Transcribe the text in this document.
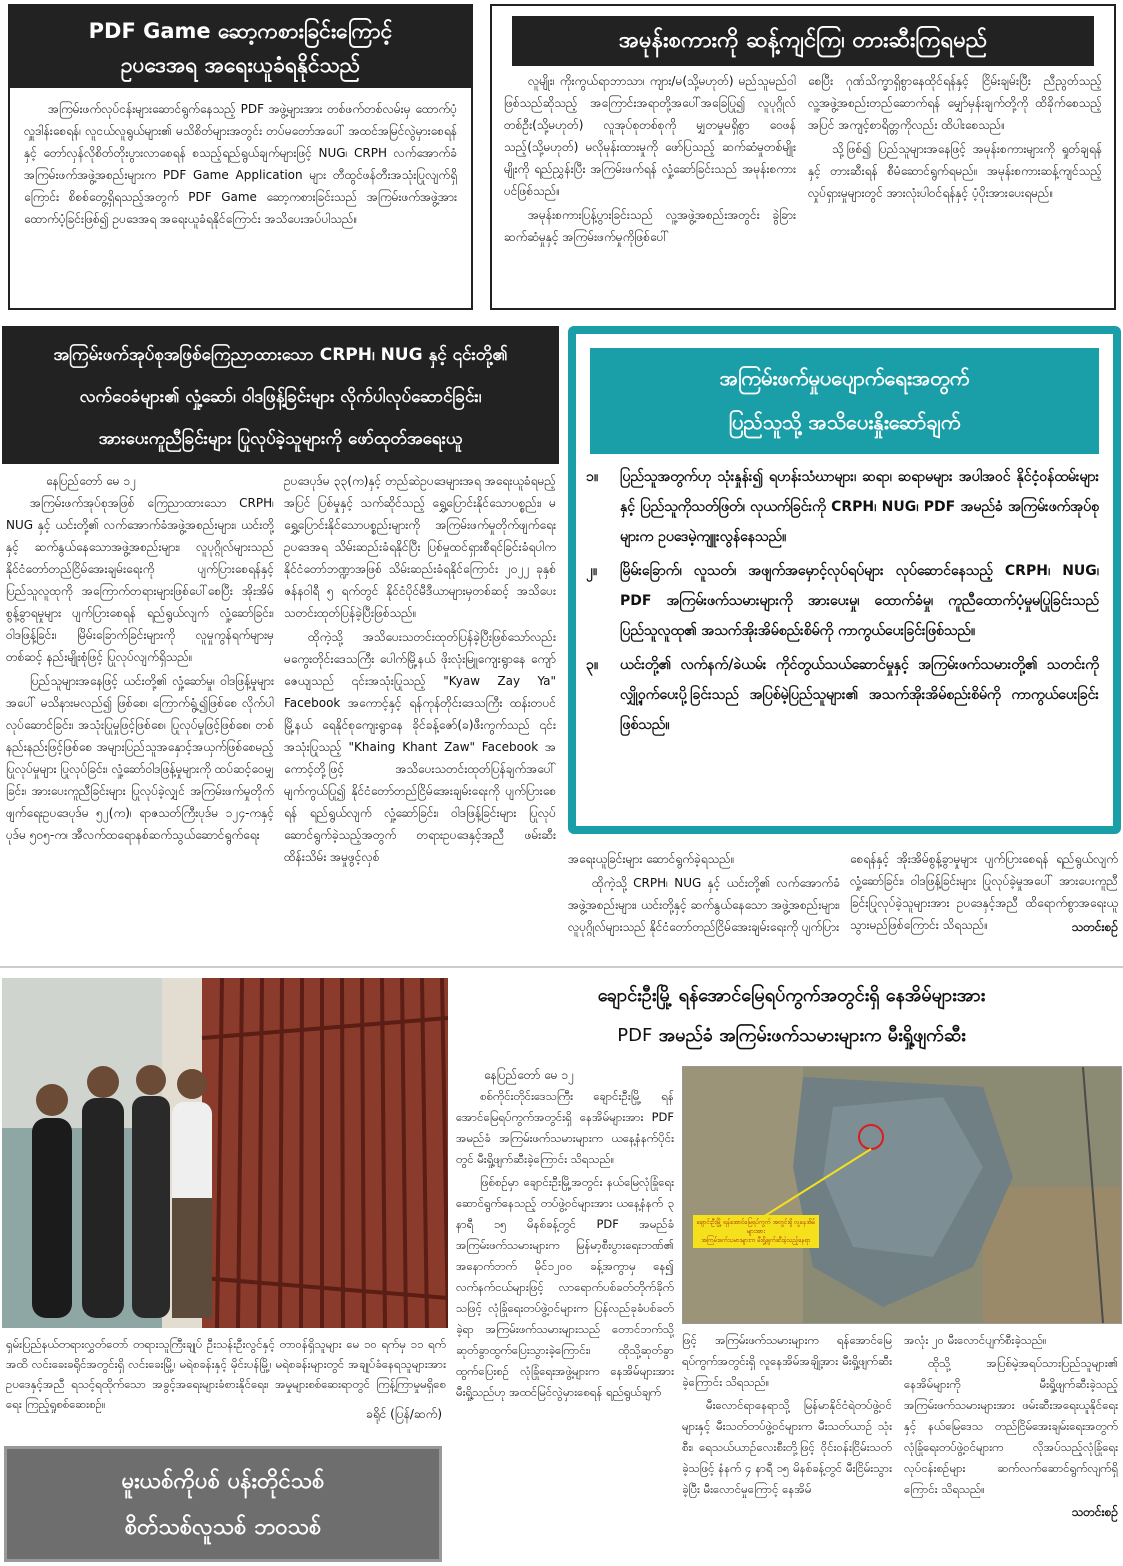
PDF Game ဆော့ကစားခြင်းကြောင့်
ဥပဒေအရ အရေးယူခံရနိုင်သည်

အကြမ်းဖက်လုပ်ငန်းများဆောင်ရွက်နေသည့် PDF အဖွဲ့များအား တစ်ဖက်တစ်လမ်းမှ ထောက်ပံ့လှူဒါန်းစေရန်၊ လူငယ်လူရွယ်များ၏ မသိစိတ်များအတွင်း တပ်မတော်အပေါ် အထင်အမြင်လွဲမှားစေရန်နှင့် တော်လှန်လိုစိတ်တိုးပွားလာစေရန် စသည့်ရည်ရွယ်ချက်များဖြင့် NUG၊ CRPH လက်အောက်ခံ အကြမ်းဖက်အဖွဲ့အစည်းများက PDF Game Application များ တီထွင်ဖန်တီးအသုံးပြုလျက်ရှိကြောင်း စိစစ်တွေ့ရှိရသည့်အတွက် PDF Game ဆော့ကစားခြင်းသည် အကြမ်းဖက်အဖွဲ့အား ထောက်ပံ့ခြင်းဖြစ်၍ ဥပဒေအရ အရေးယူခံရနိုင်ကြောင်း အသိပေးအပ်ပါသည်။

အမုန်းစကားကို ဆန့်ကျင်ကြ၊ တားဆီးကြရမည်

လူမျိုး၊ ကိုးကွယ်ရာဘာသာ၊ ကျား/မ(သို့မဟုတ်) မည်သူမည်ဝါဖြစ်သည်ဆိုသည့် အကြောင်းအရာတို့အပေါ်အခြေပြု၍ လူပုဂ္ဂိုလ်တစ်ဦး(သို့မဟုတ်) လူအုပ်စုတစ်စုကို မျှတမှုမရှိစွာ ဝေဖန်သည့်(သို့မဟုတ်) မလိုမုန်းထားမှုကို ဖော်ပြသည့် ဆက်ဆံမှုတစ်မျိုးမျိုးကို ရည်ညွှန်းပြီး အကြမ်းဖက်ရန် လှုံ့ဆော်ခြင်းသည် အမုန်းစကားပင်ဖြစ်သည်။

အမုန်းစကားပြန့်ပွားခြင်းသည် လူ့အဖွဲ့အစည်းအတွင်း ခွဲခြားဆက်ဆံမှုနှင့် အကြမ်းဖက်မှုကိုဖြစ်ပေါ်

စေပြီး ဂုဏ်သိက္ခာရှိစွာနေထိုင်ရန်နှင့် ငြိမ်းချမ်းပြီး ညီညွတ်သည့် လူ့အဖွဲ့အစည်းတည်ဆောက်ရန် မျှော်မှန်းချက်တို့ကို ထိခိုက်စေသည့်အပြင် အကျင့်စာရိတ္တကိုလည်း ထိပါးစေသည်။

သို့ဖြစ်၍ ပြည်သူများအနေဖြင့် အမုန်းစကားများကို ရှုတ်ချရန်နှင့် တားဆီးရန် စီမံဆောင်ရွက်ရမည်။ အမုန်းစကားဆန့်ကျင်သည့် လှုပ်ရှားမှုများတွင် အားလုံးပါဝင်ရန်နှင့် ပံ့ပိုးအားပေးရမည်။

အကြမ်းဖက်အုပ်စုအဖြစ်ကြေညာထားသော CRPH၊ NUG နှင့် ၎င်းတို့၏
လက်ဝေခံများ၏ လှုံ့ဆော်၊ ဝါဒဖြန့်ခြင်းများ လိုက်ပါလုပ်ဆောင်ခြင်း၊
အားပေးကူညီခြင်းများ ပြုလုပ်ခဲ့သူများကို ဖော်ထုတ်အရေးယူ
နေပြည်တော် မေ ၁၂

အကြမ်းဖက်အုပ်စုအဖြစ် ကြေညာထားသော CRPH၊ NUG နှင့် ယင်းတို့၏ လက်အောက်ခံအဖွဲ့အစည်းများ၊ ယင်းတို့နှင့် ဆက်နွယ်နေသောအဖွဲ့အစည်းများ၊ လူပုဂ္ဂိုလ်များသည် နိုင်ငံတော်တည်ငြိမ်အေးချမ်းရေးကို ပျက်ပြားစေရန်နှင့် ပြည်သူလူထုကို အကြောက်တရားများဖြစ်ပေါ်စေပြီး အိုးအိမ်စွန့်ခွာရမှုများ ပျက်ပြားစေရန် ရည်ရွယ်လျက် လှုံ့ဆော်ခြင်း၊ ဝါဒဖြန့်ခြင်း၊ မြိမ်းခြောက်ခြင်းများကို လူမှုကွန်ရက်များမှတစ်ဆင့် နည်းမျိုးစုံဖြင့် ပြုလုပ်လျက်ရှိသည်။

ပြည်သူများအနေဖြင့် ယင်းတို့၏ လှုံ့ဆော်မှု၊ ဝါဒဖြန့်မှုများအပေါ် မသိနားမလည်၍ ဖြစ်စေ၊ ကြောက်ရွံ့၍ဖြစ်စေ လိုက်ပါလုပ်ဆောင်ခြင်း၊ အသုံးပြုမှုဖြင့်ဖြစ်စေ၊ ပြုလုပ်မှုဖြင့်ဖြစ်စေ၊ တစ်နည်းနည်းဖြင့်ဖြစ်စေ အများပြည်သူအနှောင့်အယှက်ဖြစ်စေမည့် ပြုလုပ်မှုများ ပြုလုပ်ခြင်း၊ လှုံ့ဆော်ဝါဒဖြန့်မှုများကို ထပ်ဆင့်ဝေမျှခြင်း၊ အားပေးကူညီခြင်းများ ပြုလုပ်ခဲ့လျှင် အကြမ်းဖက်မှုတိုက်ဖျက်ရေးဥပဒေပုဒ်မ ၅၂(က)၊ ရာဇသတ်ကြီးပုဒ်မ ၁၂၄-ကနှင့် ပုဒ်မ ၅၀၅-က၊ အီလက်ထရောနစ်ဆက်သွယ်ဆောင်ရွက်ရေး

ဥပဒေပုဒ်မ ၃၃(က)နှင့် တည်ဆဲဥပဒေများအရ အရေးယူခံရမည့်အပြင် ပြစ်မှုနှင့် သက်ဆိုင်သည့် ရွှေ့ပြောင်းနိုင်သောပစ္စည်း၊ မရွှေ့ပြောင်းနိုင်သောပစ္စည်းများကို အကြမ်းဖက်မှုတိုက်ဖျက်ရေးဥပဒေအရ သိမ်းဆည်းခံရနိုင်ပြီး ပြစ်မှုထင်ရှားစီရင်ခြင်းခံရပါက နိုင်ငံတော်ဘဏ္ဍာအဖြစ် သိမ်းဆည်းခံရနိုင်ကြောင်း ၂၀၂၂ ခုနှစ် ဇန်နဝါရီ ၅ ရက်တွင် နိုင်ငံပိုင်မီဒီယာများမှတစ်ဆင့် အသိပေးသတင်းထုတ်ပြန်ခဲ့ပြီးဖြစ်သည်။

ထိုကဲ့သို့ အသိပေးသတင်းထုတ်ပြန်ခဲ့ပြီးဖြစ်သော်လည်း မကွေးတိုင်းဒေသကြီး ပေါက်မြို့နယ် ဖိုးလုံးမြူကျေးရွာနေ ကျော်ဇေယျသည် ၎င်းအသုံးပြုသည့် "Kyaw Zay Ya" Facebook အကောင့်နှင့် ရန်ကုန်တိုင်းဒေသကြီး ထန်းတပင်မြို့နယ် ရေနိုင်စုကျေးရွာနေ ခိုင်ခန့်ဇော်(ခ)ဖီးကွက်သည် ၎င်းအသုံးပြုသည့် "Khaing Khant Zaw" Facebook အကောင့်တို့ဖြင့် အသိပေးသတင်းထုတ်ပြန်ချက်အပေါ် မျက်ကွယ်ပြု၍ နိုင်ငံတော်တည်ငြိမ်အေးချမ်းရေးကို ပျက်ပြားစေရန် ရည်ရွယ်လျက် လှုံ့ဆော်ခြင်း၊ ဝါဒဖြန့်ခြင်းများ ပြုလုပ်ဆောင်ရွက်ခဲ့သည့်အတွက် တရားဥပဒေနှင့်အညီ ဖမ်းဆီးထိန်းသိမ်း အမှုဖွင့်လှစ်	အရေးယူခြင်းများ ဆောင်ရွက်ခဲ့ရသည်။

ထိုကဲ့သို့ CRPH၊ NUG နှင့် ယင်းတို့၏ လက်အောက်ခံအဖွဲ့အစည်းများ၊ ယင်းတို့နှင့် ဆက်နွယ်နေသော အဖွဲ့အစည်းများ၊ လူပုဂ္ဂိုလ်များသည် နိုင်ငံတော်တည်ငြိမ်အေးချမ်းရေးကို ပျက်ပြား

စေရန်နှင့် အိုးအိမ်စွန့်ခွာမှုများ ပျက်ပြားစေရန် ရည်ရွယ်လျက် လှုံ့ဆော်ခြင်း၊ ဝါဒဖြန့်ခြင်းများ ပြုလုပ်ခဲ့မှုအပေါ် အားပေးကူညီခြင်းပြုလုပ်ခဲ့သူများအား ဥပဒေနှင့်အညီ ထိရောက်စွာအရေးယူသွားမည်ဖြစ်ကြောင်း သိရသည်။	သတင်းစဉ်
အကြမ်းဖက်မှုပပျောက်ရေးအတွက်
ပြည်သူသို့ အသိပေးနှိုးဆော်ချက်
၁။	ပြည်သူအတွက်ဟု သုံးနှုန်း၍ ရဟန်းသံဃာများ၊ ဆရာ၊ ဆရာမများ အပါအဝင် နိုင်ငံ့ဝန်ထမ်းများနှင့် ပြည်သူကိုသတ်ဖြတ်၊ လုယက်ခြင်းကို CRPH၊ NUG၊ PDF အမည်ခံ အကြမ်းဖက်အုပ်စုများက ဥပဒေမဲ့ကျူးလွန်နေသည်။
၂။	မြိမ်းခြောက်၊ လူသတ်၊ အဖျက်အမှောင့်လုပ်ရပ်များ လုပ်ဆောင်နေသည့် CRPH၊ NUG၊ PDF အကြမ်းဖက်သမားများကို အားပေးမှု၊ ထောက်ခံမှု၊ ကူညီထောက်ပံ့မှုမပြုခြင်းသည် ပြည်သူလူထု၏ အသက်အိုးအိမ်စည်းစိမ်ကို ကာကွယ်ပေးခြင်းဖြစ်သည်။
၃။	ယင်းတို့၏ လက်နက်/ခဲယမ်း ကိုင်တွယ်သယ်ဆောင်မှုနှင့် အကြမ်းဖက်သမားတို့၏ သတင်းကို လျှို့ဝှက်ပေးပို့ခြင်းသည် အပြစ်မဲ့ပြည်သူများ၏ အသက်အိုးအိမ်စည်းစိမ်ကို ကာကွယ်ပေးခြင်းဖြစ်သည်။
ရှမ်းပြည်နယ်တရားလွှတ်တော် တရားသူကြီးချုပ် ဦးသန်းဦးလွင်နှင့် တာဝန်ရှိသူများ မေ ၁၀ ရက်မှ ၁၁ ရက်အထိ လင်းခေးခရိုင်အတွင်းရှိ လင်းခေးမြို့၊ မရဲစခန်းနှင့် မိုင်းပန်မြို့၊ မရဲစခန်းများတွင် အချုပ်ခံနေရသူများအား ဥပဒေနှင့်အညီ ရသင့်ရထိုက်သော အခွင့်အရေးများခံစားနိုင်ရေး၊ အမှုများစစ်ဆေးရာတွင် ကြန့်ကြာမှုမရှိစေရေး ကြည့်ရှုစစ်ဆေးစဉ်။
ခရိုင် (ပြန်/ဆက်)
မူးယစ်ကိုပစ် ပန်းတိုင်သစ်
စိတ်သစ်လူသစ် ဘဝသစ်
ချောင်းဦးမြို့ ရန်အောင်မြေရပ်ကွက်အတွင်းရှိ နေအိမ်များအား
PDF အမည်ခံ အကြမ်းဖက်သမားများက မီးရှို့ဖျက်ဆီး
နေပြည်တော် မေ ၁၂

စစ်ကိုင်းတိုင်းဒေသကြီး ချောင်းဦးမြို့ ရန်အောင်မြေရပ်ကွက်အတွင်းရှိ နေအိမ်များအား PDF အမည်ခံ အကြမ်းဖက်သမားများက ယနေ့နံနက်ပိုင်းတွင် မီးရှို့ဖျက်ဆီးခဲ့ကြောင်း သိရသည်။

ဖြစ်စဉ်မှာ ချောင်းဦးမြို့အတွင်း နယ်မြေလုံခြုံရေး ဆောင်ရွက်နေသည့် တပ်ဖွဲ့ဝင်များအား ယနေ့နံနက် ၃ နာရီ ၁၅ မိနစ်ခန့်တွင် PDF အမည်ခံအကြမ်းဖက်သမားများက မြန်မာ့စီးပွားရေးဘဏ်၏ အနောက်ဘက် မိုင်၁၂၀၀ ခန့်အကွာမှ နေ၍ လက်နက်ငယ်များဖြင့် လာရောက်ပစ်ခတ်တိုက်ခိုက်သဖြင့် လုံခြုံရေးတပ်ဖွဲ့ဝင်များက ပြန်လည်ခုခံပစ်ခတ်ခဲ့ရာ အကြမ်းဖက်သမားများသည် တောင်ဘက်သို့ ဆုတ်ခွာထွက်ပြေးသွားခဲ့ကြောင်း၊ ထိုသို့ဆုတ်ခွာထွက်ပြေးစဉ် လုံခြုံရေးအဖွဲ့များက နေအိမ်များအား မီးရှို့သည်ဟု အထင်မြင်လွဲမှားစေရန် ရည်ရွယ်ချက်

ချောင်းဦးမြို့ ရန်အောင်မြေရပ်ကွက် အတွင်းရှိ လူနေအိမ်များအား
အကြမ်းဖက်သမားများက မီးရှို့ဖျက်ဆီးခဲ့သည့်နေရာ

ဖြင့် အကြမ်းဖက်သမားများက ရန်အောင်မြေရပ်ကွက်အတွင်းရှိ လူနေအိမ်အချို့အား မီးရှို့ဖျက်ဆီးခဲ့ကြောင်း သိရသည်။

မီးလောင်ရာနေရာသို့ မြန်မာနိုင်ငံရဲတပ်ဖွဲ့ဝင်များနှင့် မီးသတ်တပ်ဖွဲ့ဝင်များက မီးသတ်ယာဉ် သုံးစီး၊ ရေသယ်ယာဉ်လေးစီးတို့ဖြင့် ဝိုင်းဝန်းငြိမ်းသတ်ခဲ့သဖြင့် နံနက် ၄ နာရီ ၁၅ မိနစ်ခန့်တွင် မီးငြိမ်းသွားခဲ့ပြီး မီးလောင်မှုကြောင့် နေအိမ်

အလုံး ၂၀ မီးလောင်ပျက်စီးခဲ့သည်။

ထိုသို့ အပြစ်မဲ့အရပ်သားပြည်သူများ၏ နေအိမ်များကို မီးရှို့ဖျက်ဆီးခဲ့သည့်အကြမ်းဖက်သမားများအား ဖမ်းဆီးအရေးယူနိုင်ရေးနှင့် နယ်မြေဒေသ တည်ငြိမ်အေးချမ်းရေးအတွက် လုံခြုံရေးတပ်ဖွဲ့ဝင်များက လိုအပ်သည့်လုံခြုံရေးလုပ်ငန်းစဉ်များ ဆက်လက်ဆောင်ရွက်လျက်ရှိကြောင်း သိရသည်။

သတင်းစဉ်
